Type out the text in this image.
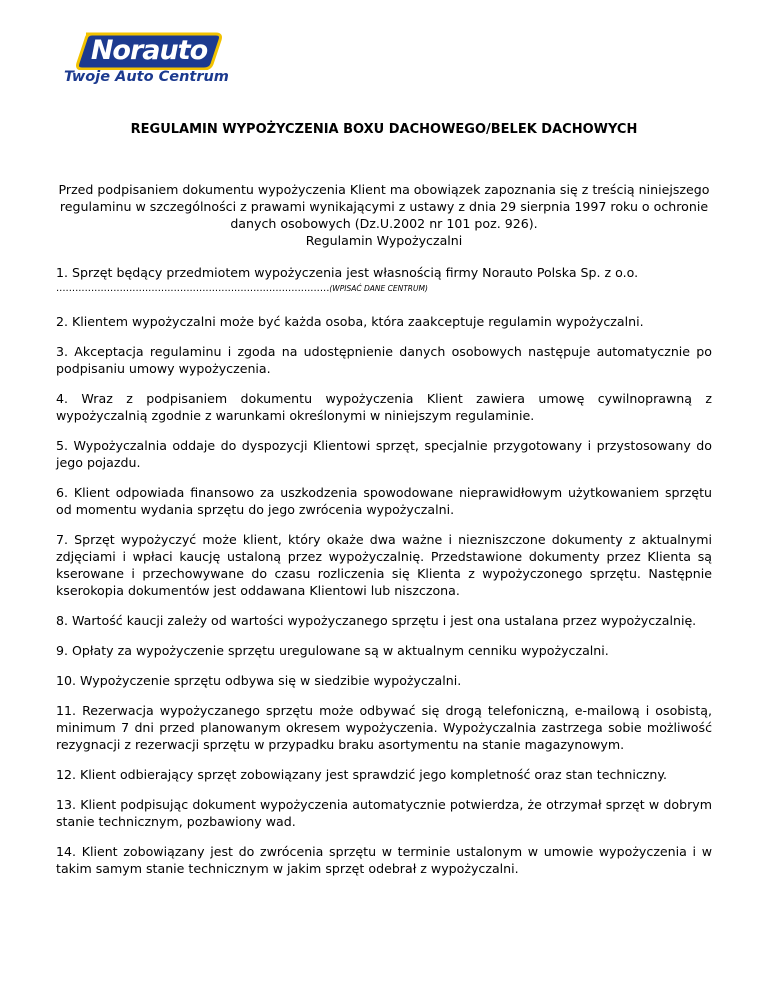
Norauto
Twoje Auto Centrum
REGULAMIN WYPOŻYCZENIA BOXU DACHOWEGO/BELEK DACHOWYCH
Przed podpisaniem dokumentu wypożyczenia Klient ma obowiązek zapoznania się z treścią niniejszego regulaminu w szczególności z prawami wynikającymi z ustawy z dnia 29 sierpnia 1997 roku o ochronie danych osobowych (Dz.U.2002 nr 101 poz. 926).
Regulamin Wypożyczalni
1. Sprzęt będący przedmiotem wypożyczenia jest własnością firmy Norauto Polska Sp. z o.o.
......................................................................................(WPISAĆ DANE CENTRUM)
2. Klientem wypożyczalni może być każda osoba, która zaakceptuje regulamin wypożyczalni.
3. Akceptacja regulaminu i zgoda na udostępnienie danych osobowych następuje automatycznie po podpisaniu umowy wypożyczenia.
4. Wraz z podpisaniem dokumentu wypożyczenia Klient zawiera umowę cywilnoprawną z wypożyczalnią zgodnie z warunkami określonymi w niniejszym regulaminie.
5. Wypożyczalnia oddaje do dyspozycji Klientowi sprzęt, specjalnie przygotowany i przystosowany do jego pojazdu.
6. Klient odpowiada finansowo za uszkodzenia spowodowane nieprawidłowym użytkowaniem sprzętu od momentu wydania sprzętu do jego zwrócenia wypożyczalni.
7. Sprzęt wypożyczyć może klient, który okaże dwa ważne i niezniszczone dokumenty z aktualnymi zdjęciami i wpłaci kaucję ustaloną przez wypożyczalnię. Przedstawione dokumenty przez Klienta są kserowane i przechowywane do czasu rozliczenia się Klienta z wypożyczonego sprzętu. Następnie kserokopia dokumentów jest oddawana Klientowi lub niszczona.
8. Wartość kaucji zależy od wartości wypożyczanego sprzętu i jest ona ustalana przez wypożyczalnię.
9. Opłaty za wypożyczenie sprzętu uregulowane są w aktualnym cenniku wypożyczalni.
10. Wypożyczenie sprzętu odbywa się w siedzibie wypożyczalni.
11. Rezerwacja wypożyczanego sprzętu może odbywać się drogą telefoniczną, e-mailową i osobistą, minimum 7 dni przed planowanym okresem wypożyczenia. Wypożyczalnia zastrzega sobie możliwość rezygnacji z rezerwacji sprzętu w przypadku braku asortymentu na stanie magazynowym.
12. Klient odbierający sprzęt zobowiązany jest sprawdzić jego kompletność oraz stan techniczny.
13. Klient podpisując dokument wypożyczenia automatycznie potwierdza, że otrzymał sprzęt w dobrym stanie technicznym, pozbawiony wad.
14. Klient zobowiązany jest do zwrócenia sprzętu w terminie ustalonym w umowie wypożyczenia i w takim samym stanie technicznym w jakim sprzęt odebrał z wypożyczalni.
